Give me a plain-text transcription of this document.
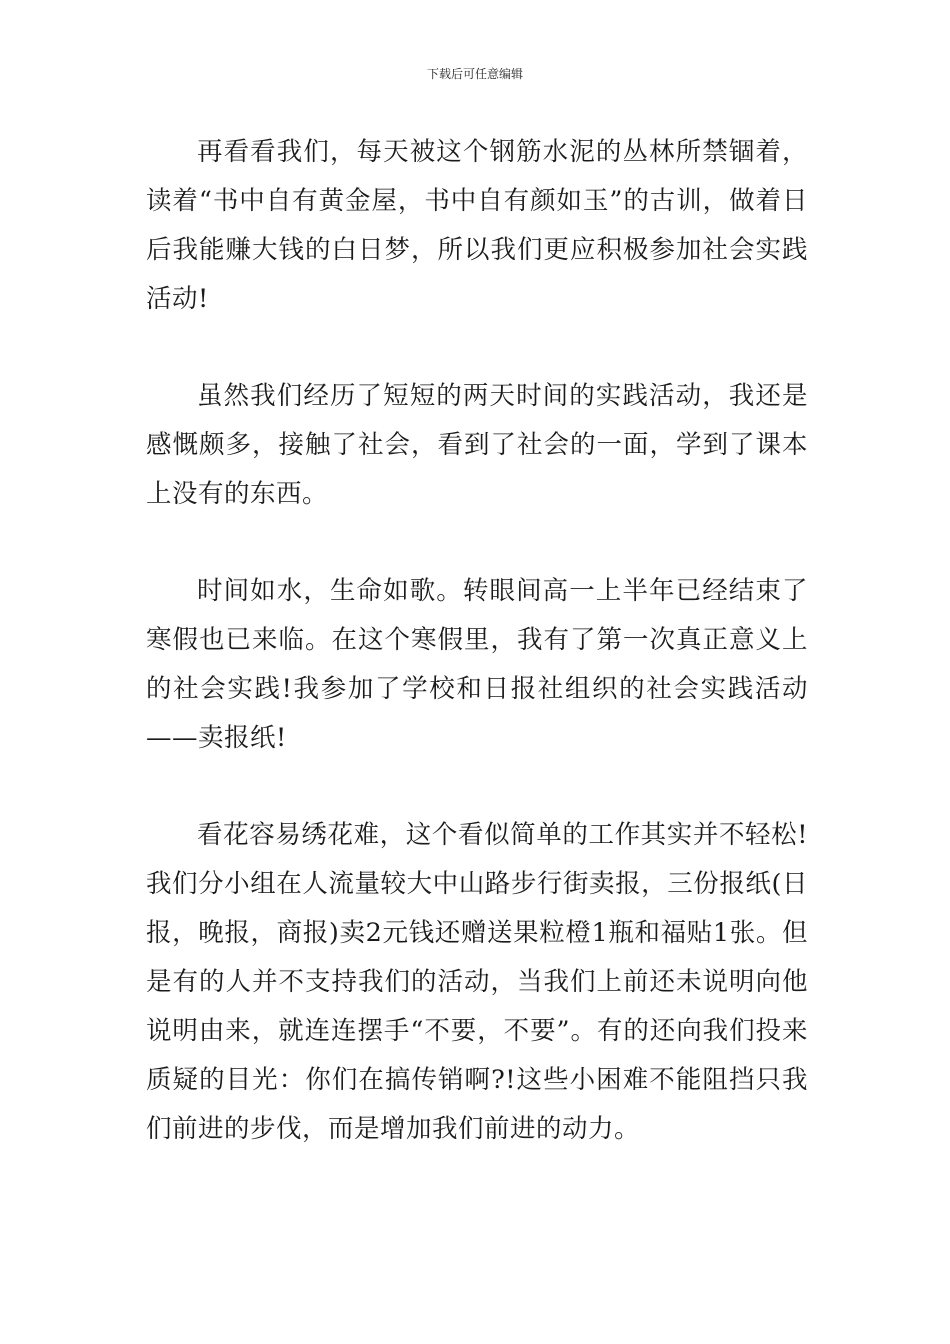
下载后可任意编辑

再看看我们，每天被这个钢筋水泥的丛林所禁锢着，读着“书中自有黄金屋，书中自有颜如玉”的古训，做着日后我能赚大钱的白日梦，所以我们更应积极参加社会实践活动!

虽然我们经历了短短的两天时间的实践活动，我还是感慨颇多，接触了社会，看到了社会的一面，学到了课本上没有的东西。

时间如水，生命如歌。转眼间高一上半年已经结束了寒假也已来临。在这个寒假里，我有了第一次真正意义上的社会实践!我参加了学校和日报社组织的社会实践活动——卖报纸!

看花容易绣花难，这个看似简单的工作其实并不轻松!我们分小组在人流量较大中山路步行街卖报，三份报纸(日报，晚报，商报)卖2元钱还赠送果粒橙1瓶和福贴1张。但是有的人并不支持我们的活动，当我们上前还未说明向他说明由来，就连连摆手“不要，不要”。有的还向我们投来质疑的目光：你们在搞传销啊?!这些小困难不能阻挡只我们前进的步伐，而是增加我们前进的动力。
